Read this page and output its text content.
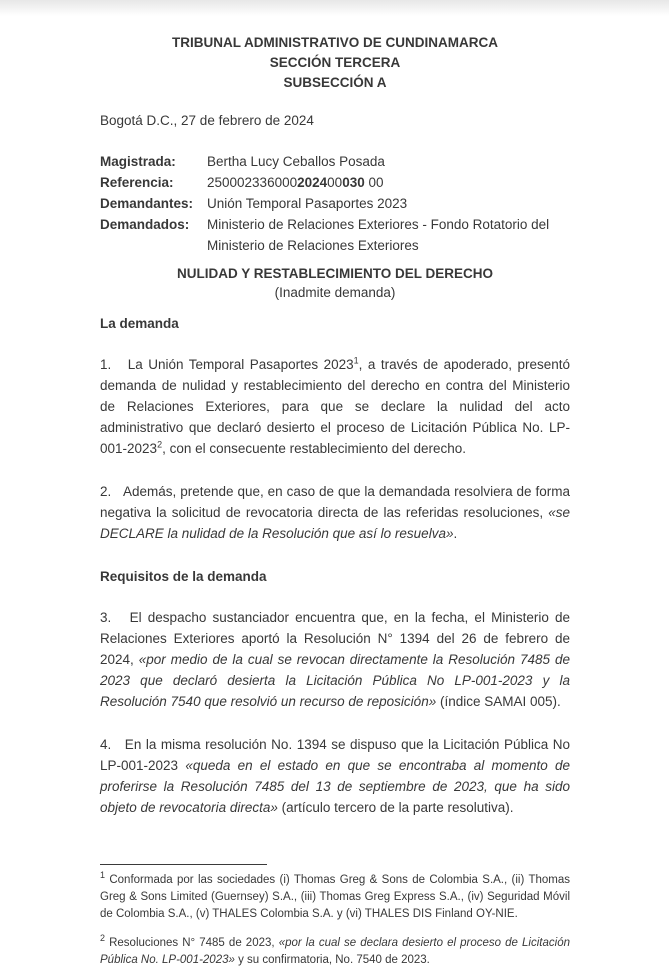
TRIBUNAL ADMINISTRATIVO DE CUNDINAMARCA
SECCIÓN TERCERA
SUBSECCIÓN A
Bogotá D.C., 27 de febrero de 2024
Magistrada:	Bertha Lucy Ceballos Posada
Referencia:	250002336000202400030 00
Demandantes:	Unión Temporal Pasaportes 2023
Demandados:	Ministerio de Relaciones Exteriores - Fondo Rotatorio del Ministerio de Relaciones Exteriores
NULIDAD Y RESTABLECIMIENTO DEL DERECHO
(Inadmite demanda)
La demanda

1.   La Unión Temporal Pasaportes 2023$^1$, a través de apoderado, presentó demanda de nulidad y restablecimiento del derecho en contra del Ministerio de Relaciones Exteriores, para que se declare la nulidad del acto administrativo que declaró desierto el proceso de Licitación Pública No. LP-001-2023$^2$, con el consecuente restablecimiento del derecho.

2.   Además, pretende que, en caso de que la demandada resolviera de forma negativa la solicitud de revocatoria directa de las referidas resoluciones, «se DECLARE la nulidad de la Resolución que así lo resuelva».

Requisitos de la demanda

3.   El despacho sustanciador encuentra que, en la fecha, el Ministerio de Relaciones Exteriores aportó la Resolución N° 1394 del 26 de febrero de 2024, «por medio de la cual se revocan directamente la Resolución 7485 de 2023 que declaró desierta la Licitación Pública No LP-001-2023 y la Resolución 7540 que resolvió un recurso de reposición» (índice SAMAI 005).

4.   En la misma resolución No. 1394 se dispuso que la Licitación Pública No LP-001-2023 «queda en el estado en que se encontraba al momento de proferirse la Resolución 7485 del 13 de septiembre de 2023, que ha sido objeto de revocatoria directa» (artículo tercero de la parte resolutiva).

$^1$ Conformada por las sociedades (i) Thomas Greg & Sons de Colombia S.A., (ii) Thomas Greg & Sons Limited (Guernsey) S.A., (iii) Thomas Greg Express S.A., (iv) Seguridad Móvil de Colombia S.A., (v) THALES Colombia S.A. y (vi) THALES DIS Finland OY-NIE.

$^2$ Resoluciones N° 7485 de 2023, «por la cual se declara desierto el proceso de Licitación Pública No. LP-001-2023» y su confirmatoria, No. 7540 de 2023.
